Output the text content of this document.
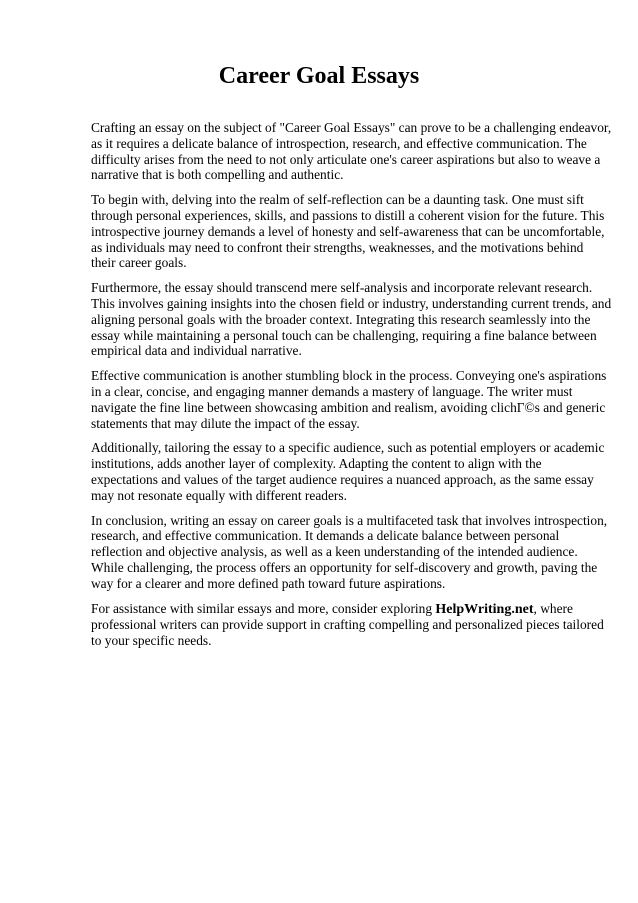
Career Goal Essays

Crafting an essay on the subject of "Career Goal Essays" can prove to be a challenging endeavor,
as it requires a delicate balance of introspection, research, and effective communication. The
difficulty arises from the need to not only articulate one's career aspirations but also to weave a
narrative that is both compelling and authentic.

To begin with, delving into the realm of self-reflection can be a daunting task. One must sift
through personal experiences, skills, and passions to distill a coherent vision for the future. This
introspective journey demands a level of honesty and self-awareness that can be uncomfortable,
as individuals may need to confront their strengths, weaknesses, and the motivations behind
their career goals.

Furthermore, the essay should transcend mere self-analysis and incorporate relevant research.
This involves gaining insights into the chosen field or industry, understanding current trends, and
aligning personal goals with the broader context. Integrating this research seamlessly into the
essay while maintaining a personal touch can be challenging, requiring a fine balance between
empirical data and individual narrative.

Effective communication is another stumbling block in the process. Conveying one's aspirations
in a clear, concise, and engaging manner demands a mastery of language. The writer must
navigate the fine line between showcasing ambition and realism, avoiding clichГ©s and generic
statements that may dilute the impact of the essay.

Additionally, tailoring the essay to a specific audience, such as potential employers or academic
institutions, adds another layer of complexity. Adapting the content to align with the
expectations and values of the target audience requires a nuanced approach, as the same essay
may not resonate equally with different readers.

In conclusion, writing an essay on career goals is a multifaceted task that involves introspection,
research, and effective communication. It demands a delicate balance between personal
reflection and objective analysis, as well as a keen understanding of the intended audience.
While challenging, the process offers an opportunity for self-discovery and growth, paving the
way for a clearer and more defined path toward future aspirations.

For assistance with similar essays and more, consider exploring HelpWriting.net, where
professional writers can provide support in crafting compelling and personalized pieces tailored
to your specific needs.
